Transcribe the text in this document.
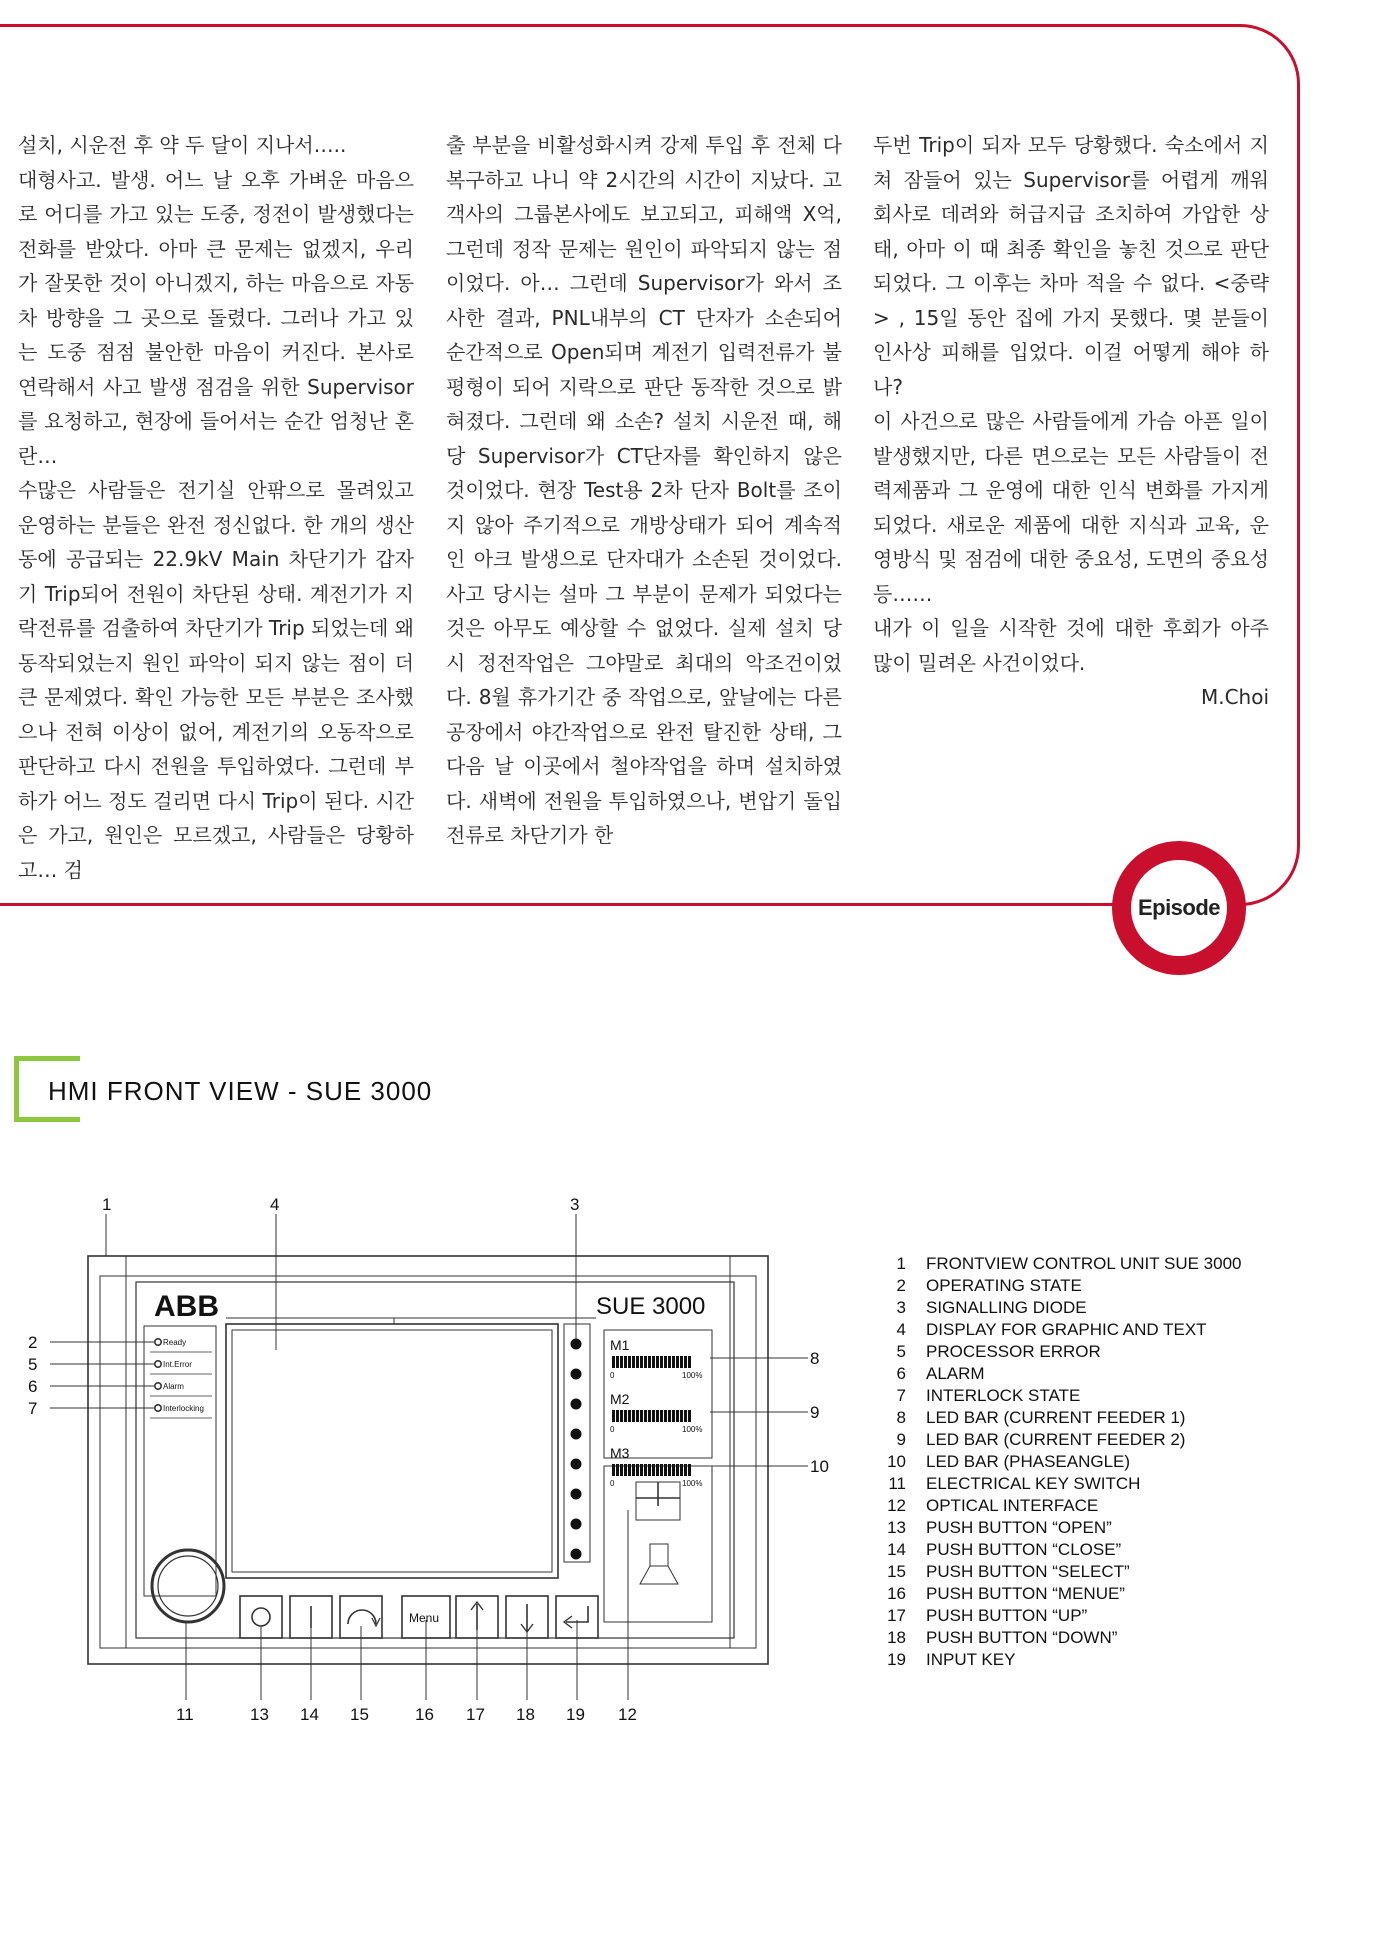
설치, 시운전 후 약 두 달이 지나서…..

대형사고. 발생. 어느 날 오후 가벼운 마음으로 어디를 가고 있는 도중, 정전이 발생했다는 전화를 받았다. 아마 큰 문제는 없겠지, 우리가 잘못한 것이 아니겠지, 하는 마음으로 자동차 방향을 그 곳으로 돌렸다. 그러나 가고 있는 도중 점점 불안한 마음이 커진다. 본사로 연락해서 사고 발생 점검을 위한 Supervisor를 요청하고, 현장에 들어서는 순간 엄청난 혼란…

수많은 사람들은 전기실 안팎으로 몰려있고 운영하는 분들은 완전 정신없다. 한 개의 생산동에 공급되는 22.9kV Main 차단기가 갑자기 Trip되어 전원이 차단된 상태. 계전기가 지락전류를 검출하여 차단기가 Trip 되었는데 왜 동작되었는지 원인 파악이 되지 않는 점이 더 큰 문제였다. 확인 가능한 모든 부분은 조사했으나 전혀 이상이 없어, 계전기의 오동작으로 판단하고 다시 전원을 투입하였다. 그런데 부하가 어느 정도 걸리면 다시 Trip이 된다. 시간은 가고, 원인은 모르겠고, 사람들은 당황하고… 검

출 부분을 비활성화시켜 강제 투입 후 전체 다 복구하고 나니 약 2시간의 시간이 지났다. 고객사의 그룹본사에도 보고되고, 피해액 X억, 그런데 정작 문제는 원인이 파악되지 않는 점이었다. 아… 그런데 Supervisor가 와서 조사한 결과, PNL내부의 CT 단자가 소손되어 순간적으로 Open되며 계전기 입력전류가 불평형이 되어 지락으로 판단 동작한 것으로 밝혀졌다. 그런데 왜 소손? 설치 시운전 때, 해당 Supervisor가 CT단자를 확인하지 않은 것이었다. 현장 Test용 2차 단자 Bolt를 조이지 않아 주기적으로 개방상태가 되어 계속적인 아크 발생으로 단자대가 소손된 것이었다. 사고 당시는 설마 그 부분이 문제가 되었다는 것은 아무도 예상할 수 없었다. 실제 설치 당시 정전작업은 그야말로 최대의 악조건이었다. 8월 휴가기간 중 작업으로, 앞날에는 다른 공장에서 야간작업으로 완전 탈진한 상태, 그 다음 날 이곳에서 철야작업을 하며 설치하였다. 새벽에 전원을 투입하였으나, 변압기 돌입전류로 차단기가 한

두번 Trip이 되자 모두 당황했다. 숙소에서 지쳐 잠들어 있는 Supervisor를 어렵게 깨워 회사로 데려와 허급지급 조치하여 가압한 상태, 아마 이 때 최종 확인을 놓친 것으로 판단되었다. 그 이후는 차마 적을 수 없다. <중략> , 15일 동안 집에 가지 못했다. 몇 분들이 인사상 피해를 입었다. 이걸 어떻게 해야 하나?

이 사건으로 많은 사람들에게 가슴 아픈 일이 발생했지만, 다른 면으로는 모든 사람들이 전력제품과 그 운영에 대한 인식 변화를 가지게 되었다. 새로운 제품에 대한 지식과 교육, 운영방식 및 점검에 대한 중요성, 도면의 중요성 등……

내가 이 일을 시작한 것에 대한 후회가 아주 많이 밀려온 사건이었다.

M.Choi

Episode
HMI FRONT VIEW - SUE 3000
ABB	SUE 3000
Ready
Int.Error
Alarm
Interlocking
M1
M2
M3
0	100%
0	100%
0	100%
Menu
1	4	3
2
5
6
7
8
9
10
11	13 14 15	16 17 18 19 12
1	FRONTVIEW CONTROL UNIT SUE 3000
2	OPERATING STATE
3	SIGNALLING DIODE
4	DISPLAY FOR GRAPHIC AND TEXT
5	PROCESSOR ERROR
6	ALARM
7	INTERLOCK STATE
8	LED BAR (CURRENT FEEDER 1)
9	LED BAR (CURRENT FEEDER 2)
10	LED BAR (PHASEANGLE)
11	ELECTRICAL KEY SWITCH
12	OPTICAL INTERFACE
13	PUSH BUTTON “OPEN”
14	PUSH BUTTON “CLOSE”
15	PUSH BUTTON “SELECT”
16	PUSH BUTTON “MENUE”
17	PUSH BUTTON “UP”
18	PUSH BUTTON “DOWN”
19	INPUT KEY
